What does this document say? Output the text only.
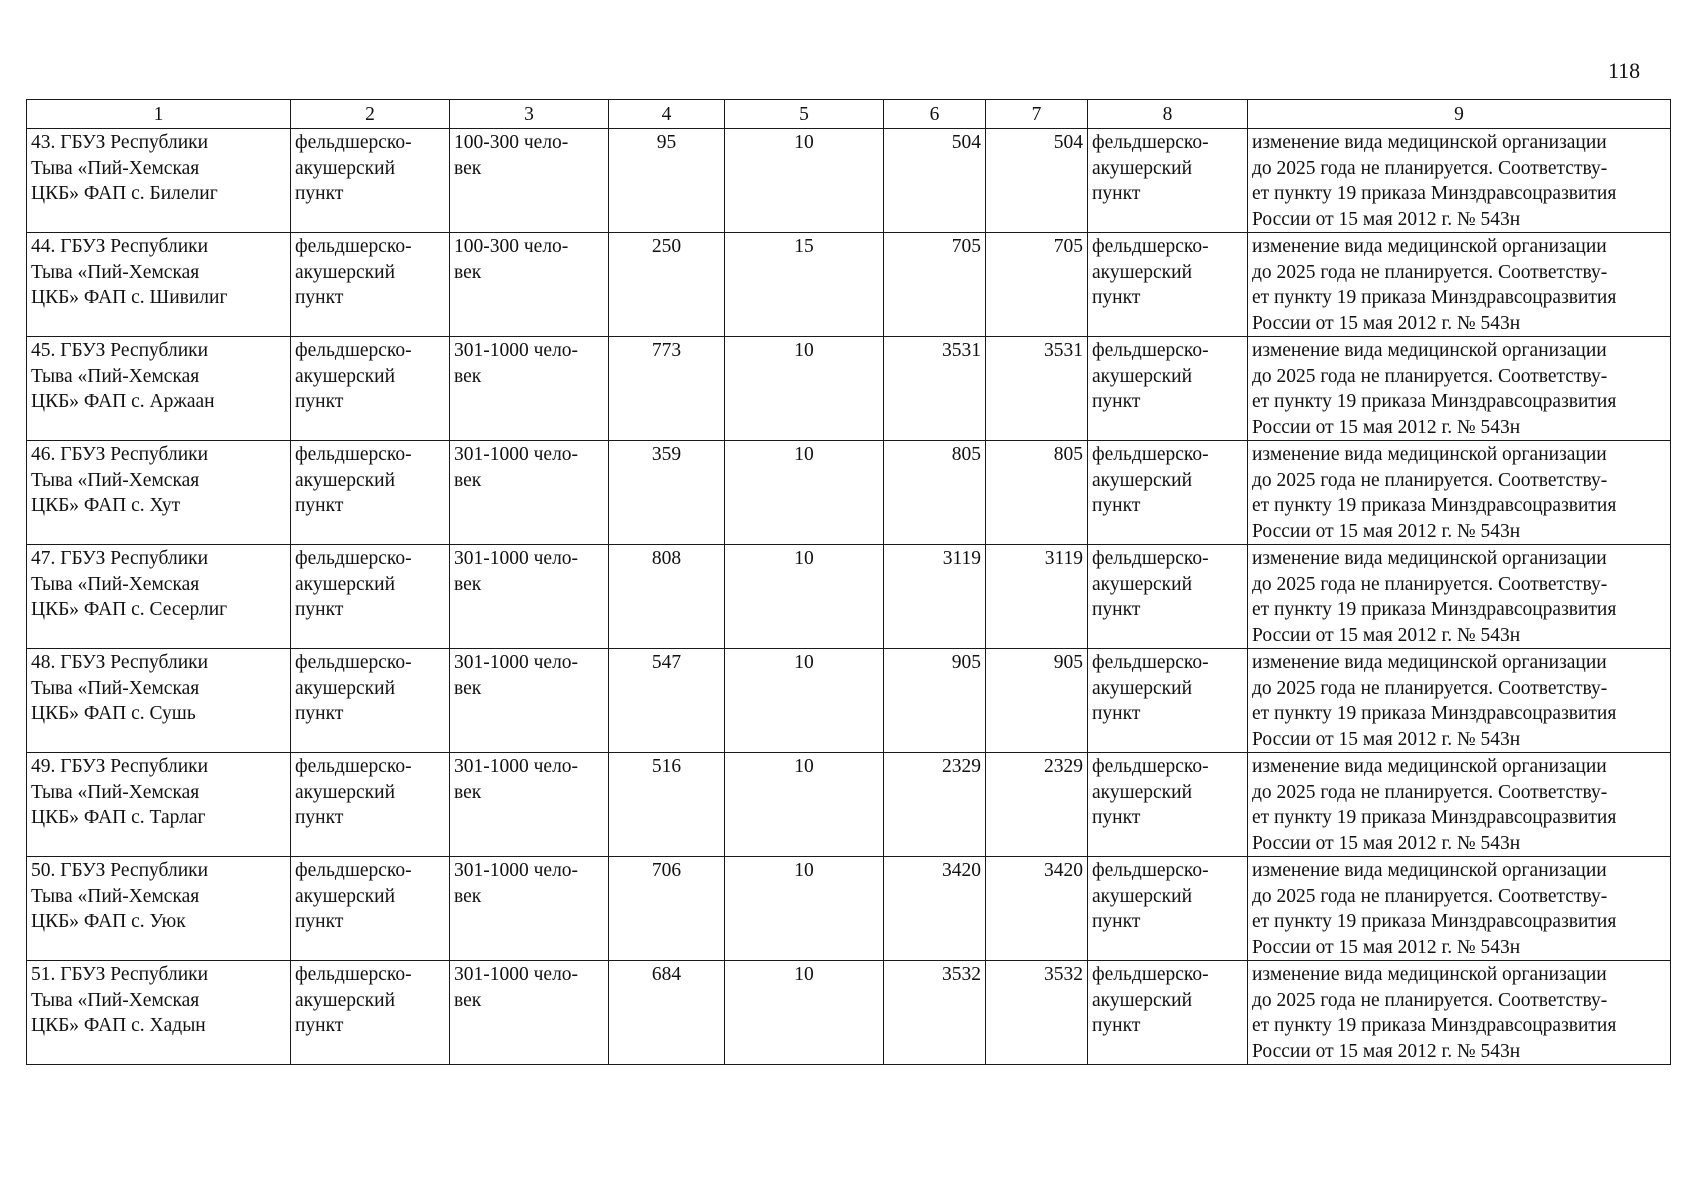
118
1	2	3	4	5	6	7	8	9

43. ГБУЗ Республики
Тыва «Пий-Хемская
ЦКБ» ФАП с. Билелиг	фельдшерско-
акушерский
пункт	100-300 чело-
век	95	10	504	504	фельдшерско-
акушерский
пункт	изменение вида медицинской организации
до 2025 года не планируется. Соответству-
ет пункту 19 приказа Минздравсоцразвития
России от 15 мая 2012 г. № 543н

44. ГБУЗ Республики
Тыва «Пий-Хемская
ЦКБ» ФАП с. Шивилиг	фельдшерско-
акушерский
пункт	100-300 чело-
век	250	15	705	705	фельдшерско-
акушерский
пункт	изменение вида медицинской организации
до 2025 года не планируется. Соответству-
ет пункту 19 приказа Минздравсоцразвития
России от 15 мая 2012 г. № 543н

45. ГБУЗ Республики
Тыва «Пий-Хемская
ЦКБ» ФАП с. Аржаан	фельдшерско-
акушерский
пункт	301-1000 чело-
век	773	10	3531	3531	фельдшерско-
акушерский
пункт	изменение вида медицинской организации
до 2025 года не планируется. Соответству-
ет пункту 19 приказа Минздравсоцразвития
России от 15 мая 2012 г. № 543н

46. ГБУЗ Республики
Тыва «Пий-Хемская
ЦКБ» ФАП с. Хут	фельдшерско-
акушерский
пункт	301-1000 чело-
век	359	10	805	805	фельдшерско-
акушерский
пункт	изменение вида медицинской организации
до 2025 года не планируется. Соответству-
ет пункту 19 приказа Минздравсоцразвития
России от 15 мая 2012 г. № 543н

47. ГБУЗ Республики
Тыва «Пий-Хемская
ЦКБ» ФАП с. Сесерлиг	фельдшерско-
акушерский
пункт	301-1000 чело-
век	808	10	3119	3119	фельдшерско-
акушерский
пункт	изменение вида медицинской организации
до 2025 года не планируется. Соответству-
ет пункту 19 приказа Минздравсоцразвития
России от 15 мая 2012 г. № 543н

48. ГБУЗ Республики
Тыва «Пий-Хемская
ЦКБ» ФАП с. Сушь	фельдшерско-
акушерский
пункт	301-1000 чело-
век	547	10	905	905	фельдшерско-
акушерский
пункт	изменение вида медицинской организации
до 2025 года не планируется. Соответству-
ет пункту 19 приказа Минздравсоцразвития
России от 15 мая 2012 г. № 543н

49. ГБУЗ Республики
Тыва «Пий-Хемская
ЦКБ» ФАП с. Тарлаг	фельдшерско-
акушерский
пункт	301-1000 чело-
век	516	10	2329	2329	фельдшерско-
акушерский
пункт	изменение вида медицинской организации
до 2025 года не планируется. Соответству-
ет пункту 19 приказа Минздравсоцразвития
России от 15 мая 2012 г. № 543н

50. ГБУЗ Республики
Тыва «Пий-Хемская
ЦКБ» ФАП с. Уюк	фельдшерско-
акушерский
пункт	301-1000 чело-
век	706	10	3420	3420	фельдшерско-
акушерский
пункт	изменение вида медицинской организации
до 2025 года не планируется. Соответству-
ет пункту 19 приказа Минздравсоцразвития
России от 15 мая 2012 г. № 543н

51. ГБУЗ Республики
Тыва «Пий-Хемская
ЦКБ» ФАП с. Хадын	фельдшерско-
акушерский
пункт	301-1000 чело-
век	684	10	3532	3532	фельдшерско-
акушерский
пункт	изменение вида медицинской организации
до 2025 года не планируется. Соответству-
ет пункту 19 приказа Минздравсоцразвития
России от 15 мая 2012 г. № 543н
